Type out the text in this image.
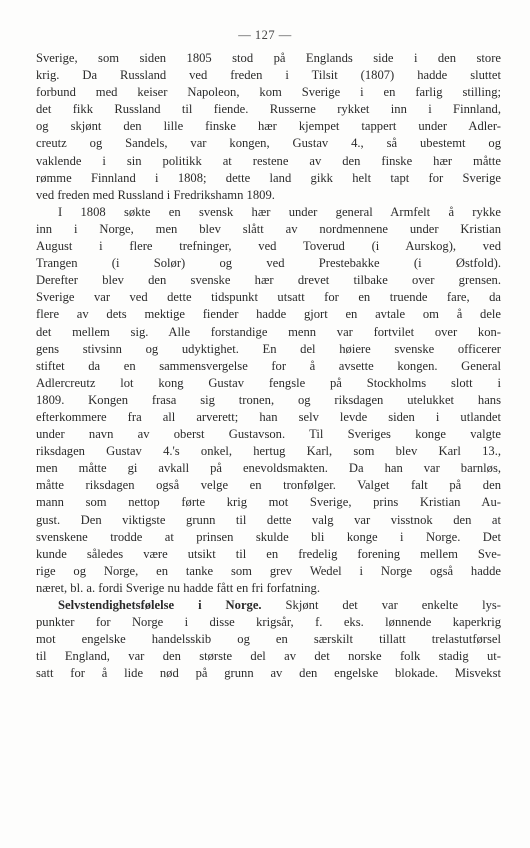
— 127 —
Sverige, som siden 1805 stod på Englands side i den store
krig. Da Russland ved freden i Tilsit (1807) hadde sluttet
forbund med keiser Napoleon, kom Sverige i en farlig stilling;
det fikk Russland til fiende. Russerne rykket inn i Finnland,
og skjønt den lille finske hær kjempet tappert under Adler-
creutz og Sandels, var kongen, Gustav 4., så ubestemt og
vaklende i sin politikk at restene av den finske hær måtte
rømme Finnland i 1808; dette land gikk helt tapt for Sverige
ved freden med Russland i Fredrikshamn 1809.
I 1808 søkte en svensk hær under general Armfelt å rykke
inn i Norge, men blev slått av nordmennene under Kristian
August i flere trefninger, ved Toverud (i Aurskog), ved
Trangen (i Solør) og ved Prestebakke (i Østfold).
Derefter blev den svenske hær drevet tilbake over grensen.
Sverige var ved dette tidspunkt utsatt for en truende fare, da
flere av dets mektige fiender hadde gjort en avtale om å dele
det mellem sig. Alle forstandige menn var fortvilet over kon-
gens stivsinn og udyktighet. En del høiere svenske officerer
stiftet da en sammensvergelse for å avsette kongen. General
Adlercreutz lot kong Gustav fengsle på Stockholms slott i
1809. Kongen frasa sig tronen, og riksdagen utelukket hans
efterkommere fra all arverett; han selv levde siden i utlandet
under navn av oberst Gustavson. Til Sveriges konge valgte
riksdagen Gustav 4.'s onkel, hertug Karl, som blev Karl 13.,
men måtte gi avkall på enevoldsmakten. Da han var barnløs,
måtte riksdagen også velge en tronfølger. Valget falt på den
mann som nettop førte krig mot Sverige, prins Kristian Au-
gust. Den viktigste grunn til dette valg var visstnok den at
svenskene trodde at prinsen skulde bli konge i Norge. Det
kunde således være utsikt til en fredelig forening mellem Sve-
rige og Norge, en tanke som grev Wedel i Norge også hadde
næret, bl. a. fordi Sverige nu hadde fått en fri forfatning.
Selvstendighetsfølelse i Norge. Skjønt det var enkelte lys-
punkter for Norge i disse krigsår, f. eks. lønnende kaperkrig
mot engelske handelsskib og en særskilt tillatt trelastutførsel
til England, var den største del av det norske folk stadig ut-
satt for å lide nød på grunn av den engelske blokade. Misvekst
